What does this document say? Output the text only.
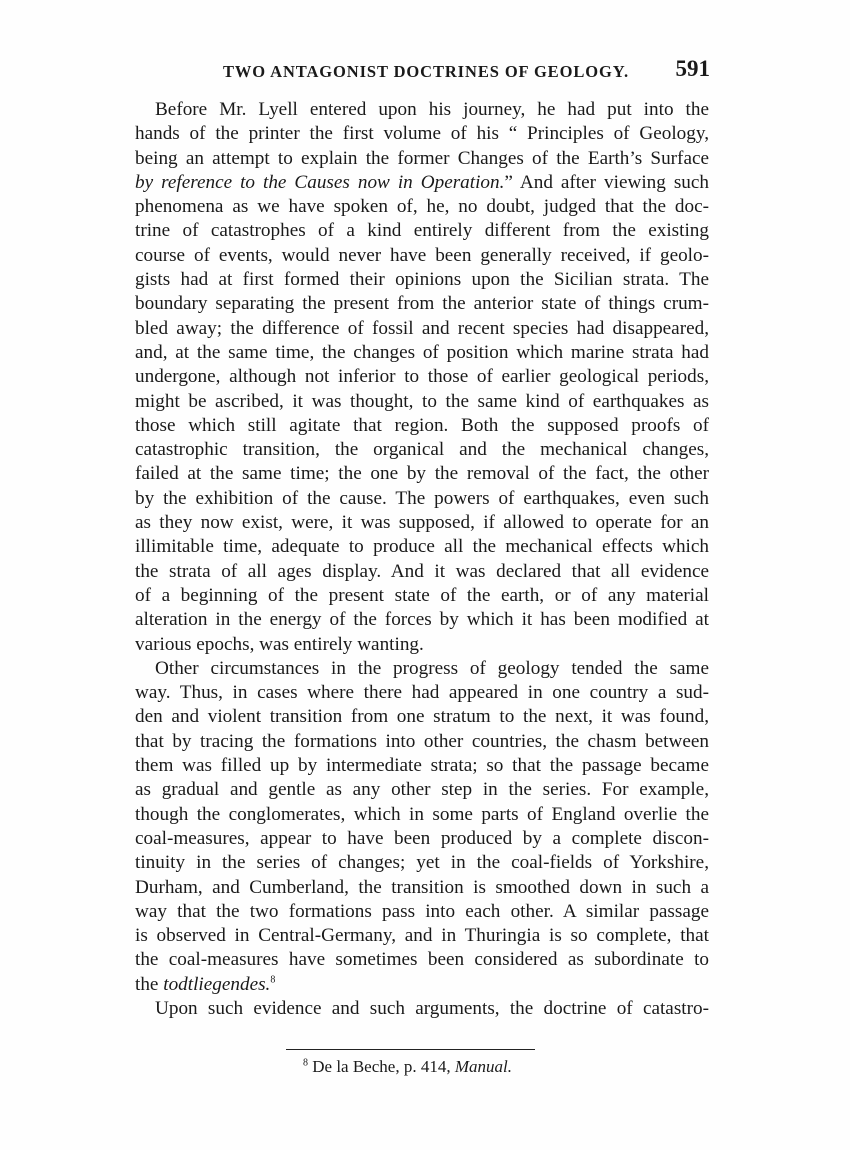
TWO ANTAGONIST DOCTRINES OF GEOLOGY. 591
Before Mr. Lyell entered upon his journey, he had put into the
hands of the printer the first volume of his “ Principles of Geology,
being an attempt to explain the former Changes of the Earth’s Surface
by reference to the Causes now in Operation.” And after viewing such
phenomena as we have spoken of, he, no doubt, judged that the doc-
trine of catastrophes of a kind entirely different from the existing
course of events, would never have been generally received, if geolo-
gists had at first formed their opinions upon the Sicilian strata. The
boundary separating the present from the anterior state of things crum-
bled away; the difference of fossil and recent species had disappeared,
and, at the same time, the changes of position which marine strata had
undergone, although not inferior to those of earlier geological periods,
might be ascribed, it was thought, to the same kind of earthquakes as
those which still agitate that region. Both the supposed proofs of
catastrophic transition, the organical and the mechanical changes,
failed at the same time; the one by the removal of the fact, the other
by the exhibition of the cause. The powers of earthquakes, even such
as they now exist, were, it was supposed, if allowed to operate for an
illimitable time, adequate to produce all the mechanical effects which
the strata of all ages display. And it was declared that all evidence
of a beginning of the present state of the earth, or of any material
alteration in the energy of the forces by which it has been modified at
various epochs, was entirely wanting.
Other circumstances in the progress of geology tended the same
way. Thus, in cases where there had appeared in one country a sud-
den and violent transition from one stratum to the next, it was found,
that by tracing the formations into other countries, the chasm between
them was filled up by intermediate strata; so that the passage became
as gradual and gentle as any other step in the series. For example,
though the conglomerates, which in some parts of England overlie the
coal-measures, appear to have been produced by a complete discon-
tinuity in the series of changes; yet in the coal-fields of Yorkshire,
Durham, and Cumberland, the transition is smoothed down in such a
way that the two formations pass into each other. A similar passage
is observed in Central-Germany, and in Thuringia is so complete, that
the coal-measures have sometimes been considered as subordinate to
the todtliegendes.$^8$
Upon such evidence and such arguments, the doctrine of catastro-
$^8$ De la Beche, p. 414, Manual.
